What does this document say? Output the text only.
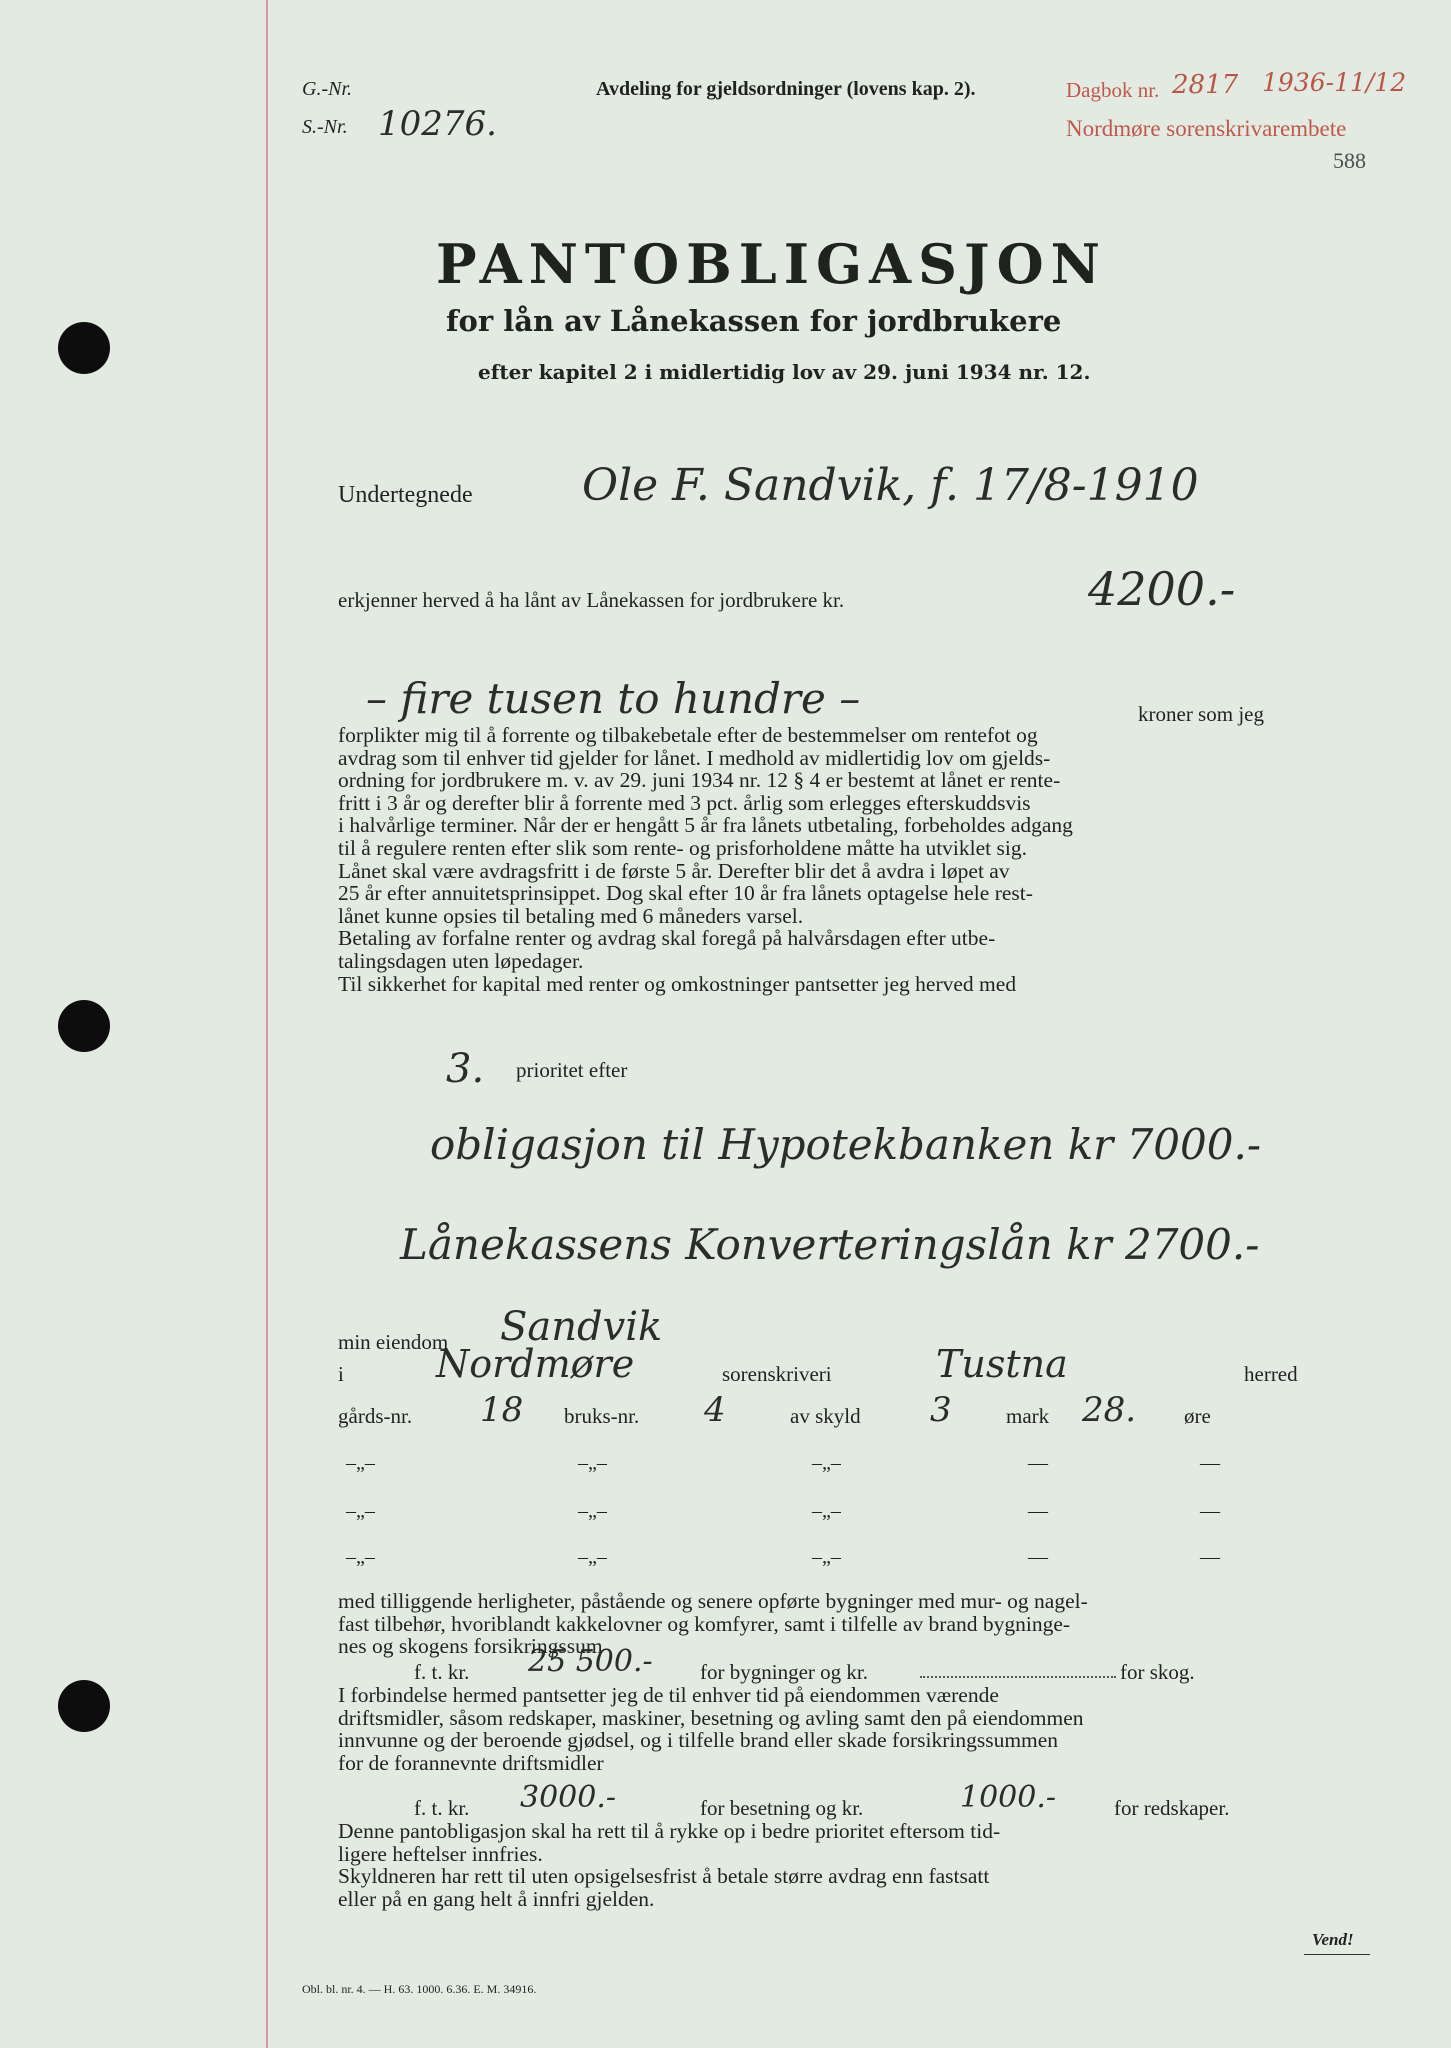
G.-Nr.
S.-Nr. 10276.
Avdeling for gjeldsordninger (lovens kap. 2).	Dagbok nr. 2817 1936-11/12
Nordmøre sorenskrivarembete
588
PANTOBLIGASJON
for lån av Lånekassen for jordbrukere
efter kapitel 2 i midlertidig lov av 29. juni 1934 nr. 12.
Undertegnede Ole F. Sandvik, f. 17/8-1910
erkjenner herved å ha lånt av Lånekassen for jordbrukere kr.	4200.-
– fire tusen to hundre –	kroner som jeg
forplikter mig til å forrente og tilbakebetale efter de bestemmelser om rentefot og
avdrag som til enhver tid gjelder for lånet. I medhold av midlertidig lov om gjelds-
ordning for jordbrukere m. v. av 29. juni 1934 nr. 12 § 4 er bestemt at lånet er rente-
fritt i 3 år og derefter blir å forrente med 3 pct. årlig som erlegges efterskuddsvis
i halvårlige terminer. Når der er hengått 5 år fra lånets utbetaling, forbeholdes adgang
til å regulere renten efter slik som rente- og prisforholdene måtte ha utviklet sig.
Lånet skal være avdragsfritt i de første 5 år. Derefter blir det å avdra i løpet av
25 år efter annuitetsprinsippet. Dog skal efter 10 år fra lånets optagelse hele rest-
lånet kunne opsies til betaling med 6 måneders varsel.
Betaling av forfalne renter og avdrag skal foregå på halvårsdagen efter utbe-
talingsdagen uten løpedager.
Til sikkerhet for kapital med renter og omkostninger pantsetter jeg herved med
3. prioritet efter
obligasjon til Hypotekbanken kr 7000.-
Lånekassens Konverteringslån kr 2700.-
min eiendom Sandvik
i Nordmøre	sorenskriveri	Tustna	herred
gårds-nr. 18 bruks-nr. 4	av skyld 3	mark 28. øre
–„–	–„–	–„–	—	—
–„–	–„–	–„–	—	—
–„–	–„–	–„–	—	—
med tilliggende herligheter, påstående og senere opførte bygninger med mur- og nagel-
fast tilbehør, hvoriblandt kakkelovner og komfyrer, samt i tilfelle av brand bygninge-
nes og skogens forsikringssum
f. t. kr. 25 500.- for bygninger og kr.	for skog.
I forbindelse hermed pantsetter jeg de til enhver tid på eiendommen værende
driftsmidler, såsom redskaper, maskiner, besetning og avling samt den på eiendommen
innvunne og der beroende gjødsel, og i tilfelle brand eller skade forsikringssummen
for de forannevnte driftsmidler
f. t. kr. 3000.-	for besetning og kr.	1000.-	for redskaper.
Denne pantobligasjon skal ha rett til å rykke op i bedre prioritet eftersom tid-
ligere heftelser innfries.
Skyldneren har rett til uten opsigelsesfrist å betale større avdrag enn fastsatt
eller på en gang helt å innfri gjelden.
Vend!
Obl. bl. nr. 4. — H. 63. 1000. 6.36. E. M. 34916.
